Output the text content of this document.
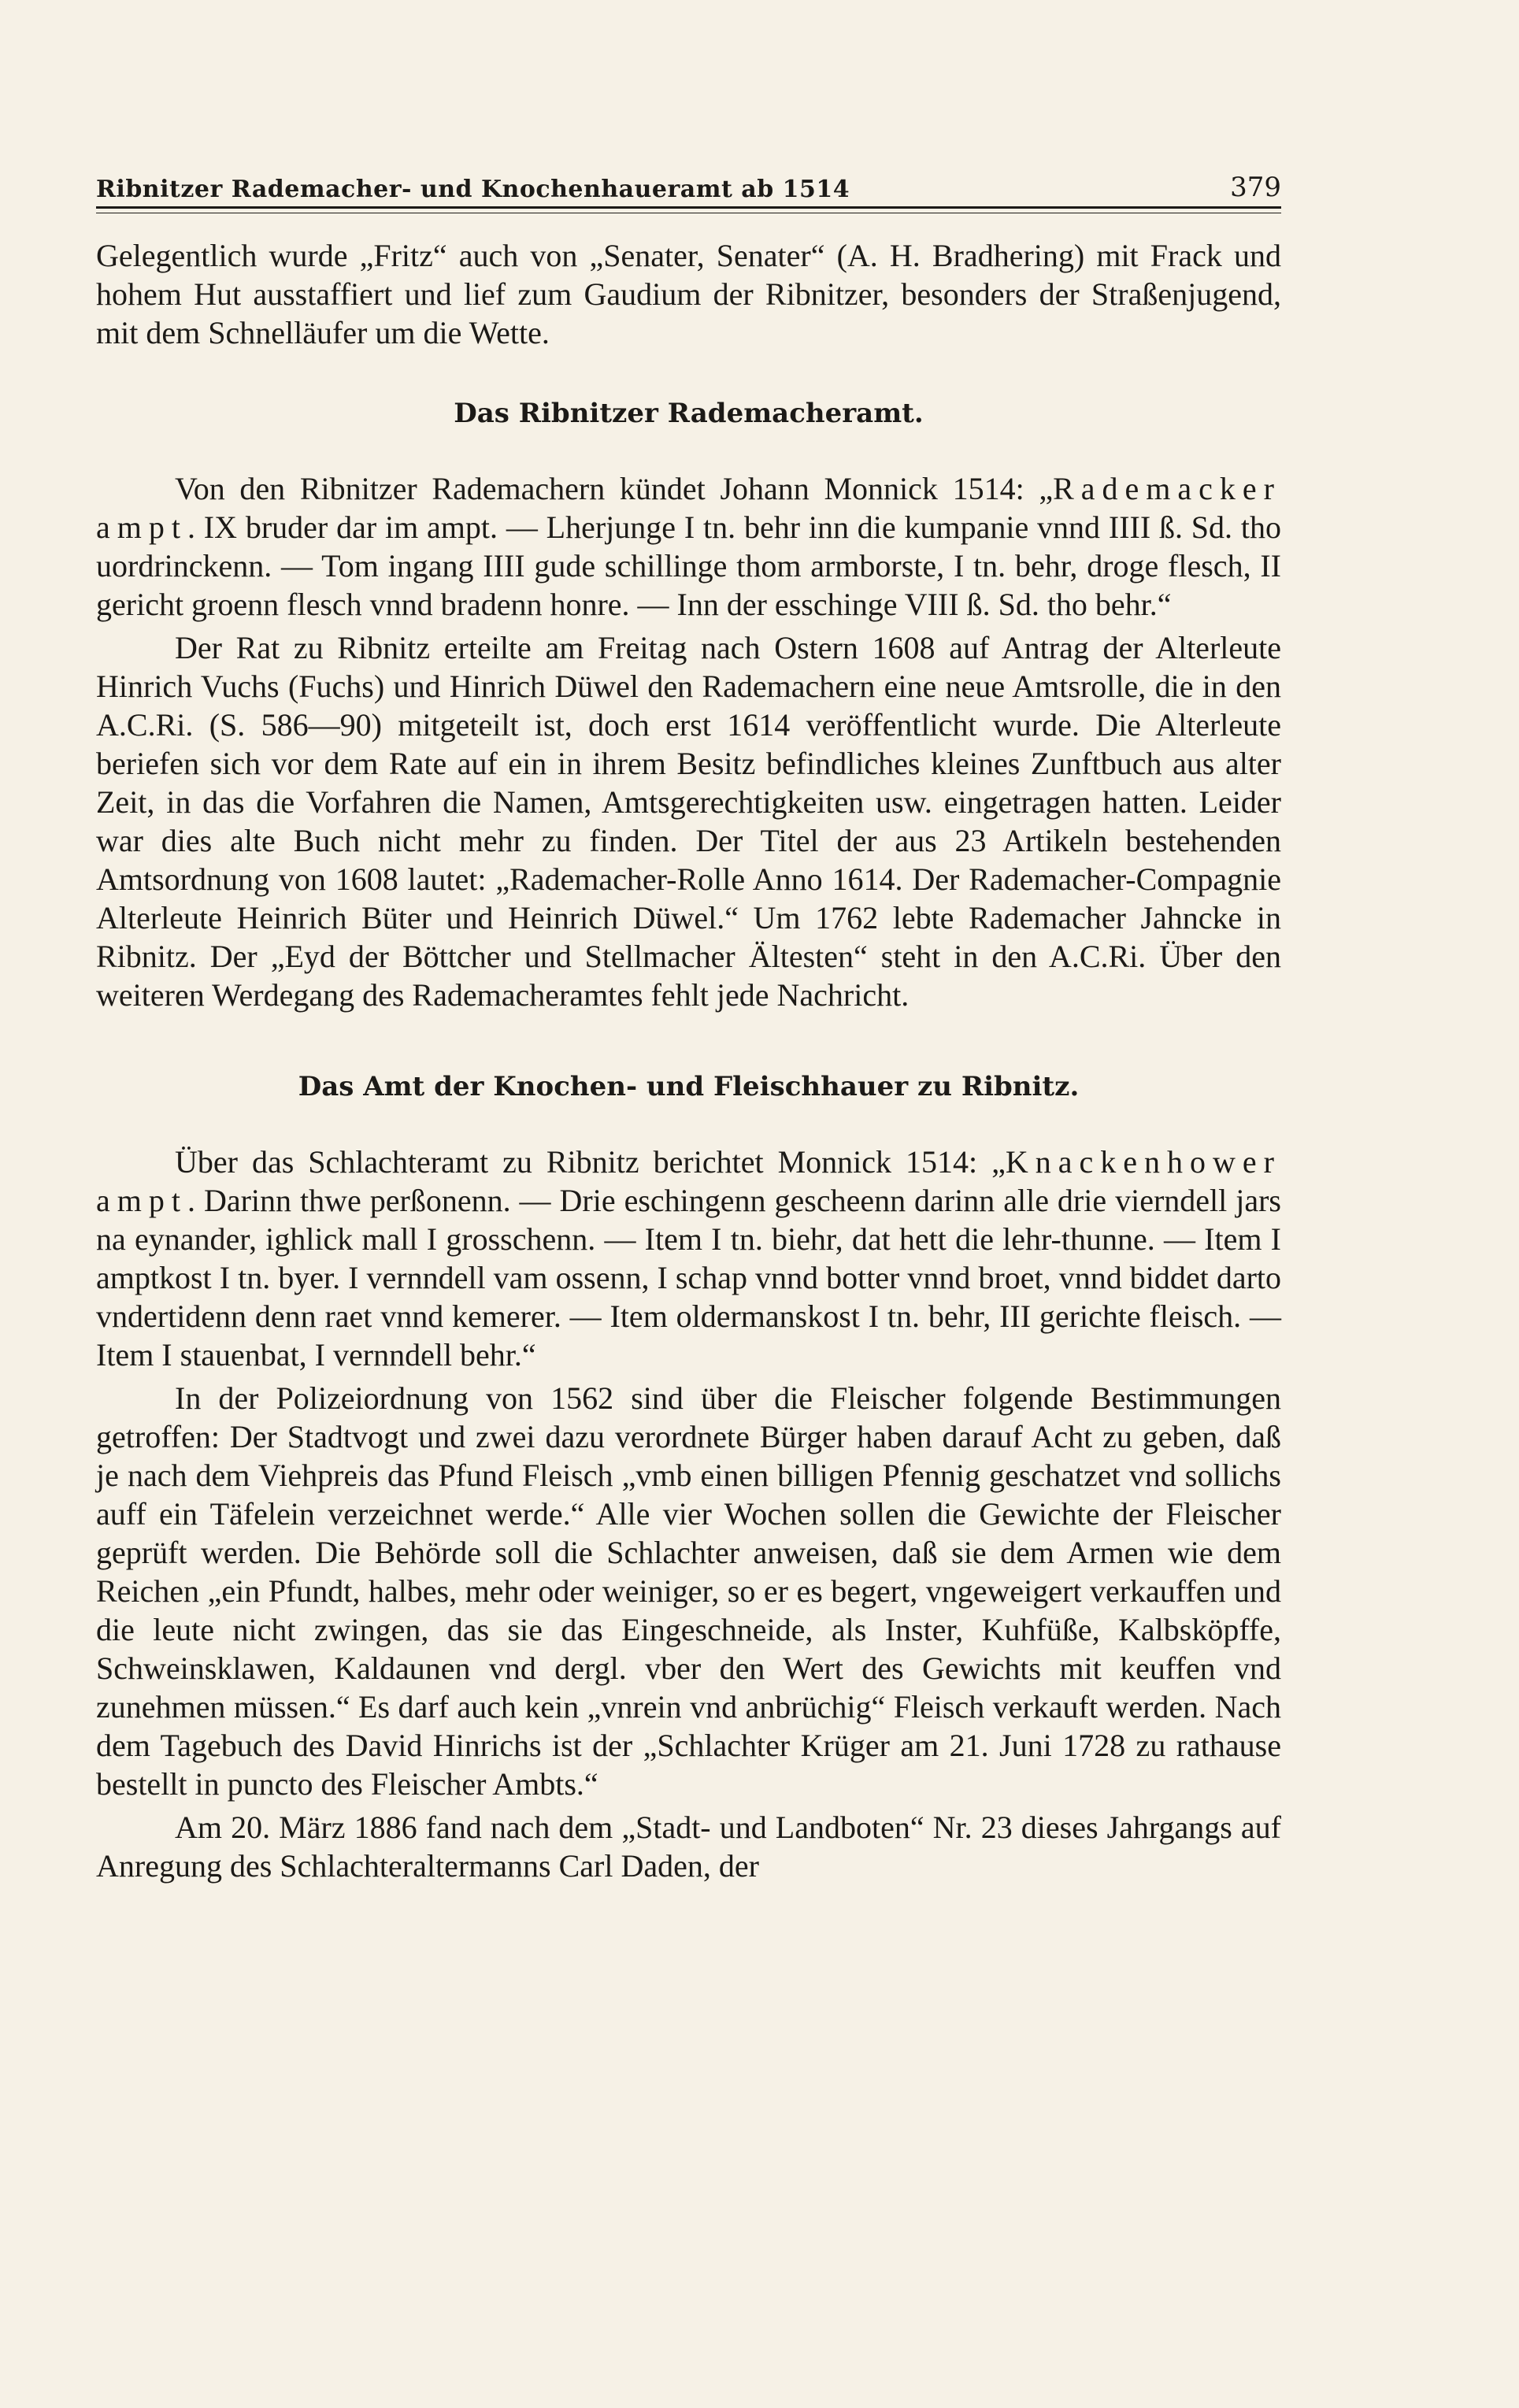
Ribnitzer Rademacher- und Knochenhaueramt ab 1514	379

Gelegentlich wurde „Fritz“ auch von „Senater, Senater“ (A. H. Bradhering) mit Frack und hohem Hut ausstaffiert und lief zum Gaudium der Ribnitzer, besonders der Straßenjugend, mit dem Schnelläufer um die Wette.

Das Ribnitzer Rademacheramt.

Von den Ribnitzer Rademachern kündet Johann Monnick 1514: „Rademacker ampt. IX bruder dar im ampt. — Lherjunge I tn. behr inn die kumpanie vnnd IIII ß. Sd. tho uordrinckenn. — Tom ingang IIII gude schillinge thom armborste, I tn. behr, droge flesch, II gericht groenn flesch vnnd bradenn honre. — Inn der esschinge VIII ß. Sd. tho behr.“

Der Rat zu Ribnitz erteilte am Freitag nach Ostern 1608 auf Antrag der Alterleute Hinrich Vuchs (Fuchs) und Hinrich Düwel den Rademachern eine neue Amtsrolle, die in den A.C.Ri. (S. 586—90) mitgeteilt ist, doch erst 1614 veröffentlicht wurde. Die Alterleute beriefen sich vor dem Rate auf ein in ihrem Besitz befindliches kleines Zunftbuch aus alter Zeit, in das die Vorfahren die Namen, Amtsgerechtigkeiten usw. eingetragen hatten. Leider war dies alte Buch nicht mehr zu finden. Der Titel der aus 23 Artikeln bestehenden Amtsordnung von 1608 lautet: „Rademacher-Rolle Anno 1614. Der Rademacher-Compagnie Alterleute Heinrich Büter und Heinrich Düwel.“ Um 1762 lebte Rademacher Jahncke in Ribnitz. Der „Eyd der Böttcher und Stellmacher Ältesten“ steht in den A.C.Ri. Über den weiteren Werdegang des Rademacheramtes fehlt jede Nachricht.

Das Amt der Knochen- und Fleischhauer zu Ribnitz.

Über das Schlachteramt zu Ribnitz berichtet Monnick 1514: „Knackenhower ampt. Darinn thwe perßonenn. — Drie eschingenn gescheenn darinn alle drie vierndell jars na eynander, ighlick mall I grosschenn. — Item I tn. biehr, dat hett die lehr-thunne. — Item I amptkost I tn. byer. I vernndell vam ossenn, I schap vnnd botter vnnd broet, vnnd biddet darto vndertidenn denn raet vnnd kemerer. — Item oldermanskost I tn. behr, III gerichte fleisch. — Item I stauenbat, I vernndell behr.“

In der Polizeiordnung von 1562 sind über die Fleischer folgende Bestimmungen getroffen: Der Stadtvogt und zwei dazu verordnete Bürger haben darauf Acht zu geben, daß je nach dem Viehpreis das Pfund Fleisch „vmb einen billigen Pfennig geschatzet vnd sollichs auff ein Täfelein verzeichnet werde.“ Alle vier Wochen sollen die Gewichte der Fleischer geprüft werden. Die Behörde soll die Schlachter anweisen, daß sie dem Armen wie dem Reichen „ein Pfundt, halbes, mehr oder weiniger, so er es begert, vngeweigert verkauffen und die leute nicht zwingen, das sie das Eingeschneide, als Inster, Kuhfüße, Kalbsköpffe, Schweinsklawen, Kaldaunen vnd dergl. vber den Wert des Gewichts mit keuffen vnd zunehmen müssen.“ Es darf auch kein „vnrein vnd anbrüchig“ Fleisch verkauft werden. Nach dem Tagebuch des David Hinrichs ist der „Schlachter Krüger am 21. Juni 1728 zu rathause bestellt in puncto des Fleischer Ambts.“

Am 20. März 1886 fand nach dem „Stadt- und Landboten“ Nr. 23 dieses Jahrgangs auf Anregung des Schlachteraltermanns Carl Daden, der
